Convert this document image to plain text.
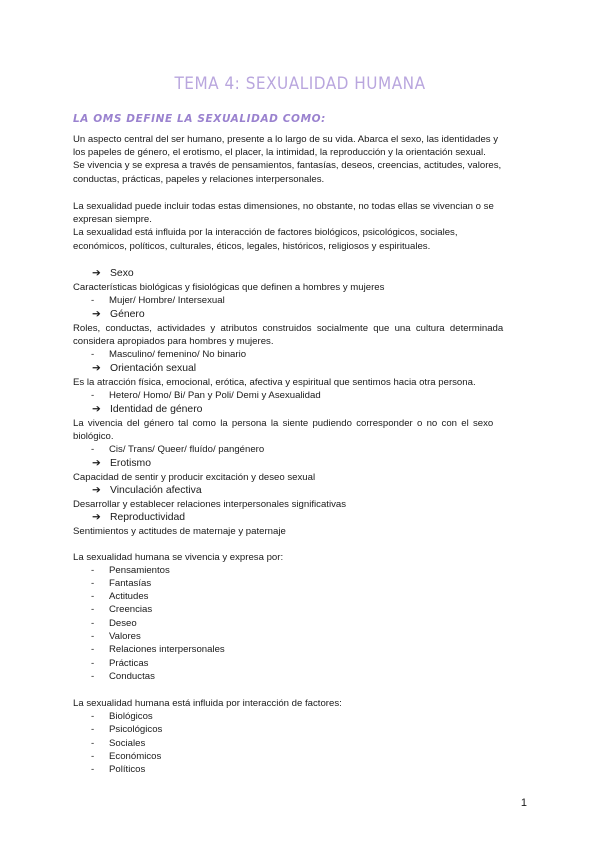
TEMA 4: SEXUALIDAD HUMANA
LA OMS DEFINE LA SEXUALIDAD COMO:
Un aspecto central del ser humano, presente a lo largo de su vida. Abarca el sexo, las identidades y
los papeles de género, el erotismo, el placer, la intimidad, la reproducción y la orientación sexual.
Se vivencia y se expresa a través de pensamientos, fantasías, deseos, creencias, actitudes, valores,
conductas, prácticas, papeles y relaciones interpersonales.
La sexualidad puede incluir todas estas dimensiones, no obstante, no todas ellas se vivencian o se
expresan siempre.
La sexualidad está influida por la interacción de factores biológicos, psicológicos, sociales,
económicos, políticos, culturales, éticos, legales, históricos, religiosos y espirituales.
➔ Sexo
Características biológicas y fisiológicas que definen a hombres y mujeres
- Mujer/ Hombre/ Intersexual
➔ Género
Roles, conductas, actividades y atributos construidos socialmente que una cultura determinada
considera apropiados para hombres y mujeres.
- Masculino/ femenino/ No binario
➔ Orientación sexual
Es la atracción física, emocional, erótica, afectiva y espiritual que sentimos hacia otra persona.
- Hetero/ Homo/ Bi/ Pan y Poli/ Demi y Asexualidad
➔ Identidad de género
La vivencia del género tal como la persona la siente pudiendo corresponder o no con el sexo
biológico.
- Cis/ Trans/ Queer/ fluído/ pangénero
➔ Erotismo
Capacidad de sentir y producir excitación y deseo sexual
➔ Vinculación afectiva
Desarrollar y establecer relaciones interpersonales significativas
➔ Reproductividad
Sentimientos y actitudes de maternaje y paternaje
La sexualidad humana se vivencia y expresa por:
- Pensamientos
- Fantasías
- Actitudes
- Creencias
- Deseo
- Valores
- Relaciones interpersonales
- Prácticas
- Conductas
La sexualidad humana está influida por interacción de factores:
- Biológicos
- Psicológicos
- Sociales
- Económicos
- Políticos
1
